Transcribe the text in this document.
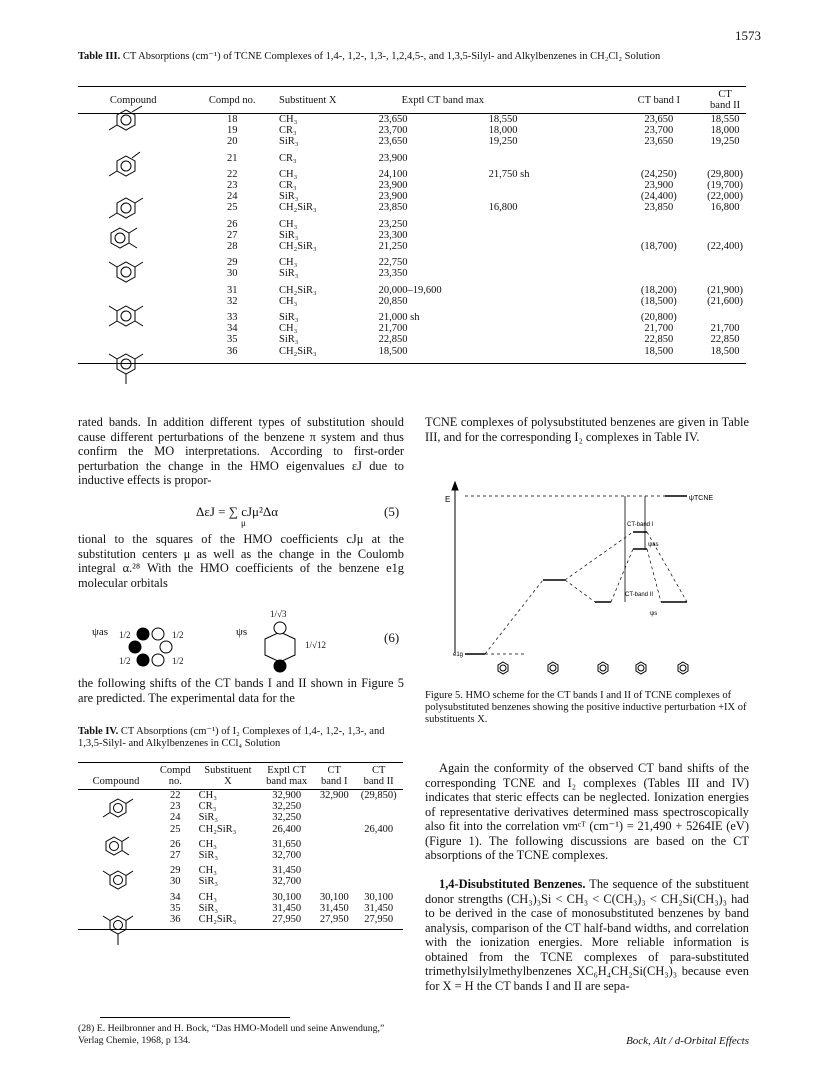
1573
Table III. CT Absorptions (cm⁻¹) of TCNE Complexes of 1,4-, 1,2-, 1,3-, 1,2,4,5-, and 1,3,5-Silyl- and Alkylbenzenes in CH₂Cl₂ Solution
Compound	Compd no.	Substituent X	Exptl CT band max	CT band I	CT band II
	18	CH₃	23,650 18,550	23,650	18,550
	19	CR₃	23,700 18,000	23,700	18,000
	20	SiR₃	23,650 19,250	23,650	19,250
	21	CR₃	23,900		
	22	CH₃	24,100 21,750 sh	(24,250)	(29,800)
	23	CR₃	23,900	23,900	(19,700)
	24	SiR₃	23,900	(24,400)	(22,000)
	25	CH₂SiR₃	23,850 16,800	23,850	16,800
	26	CH₃	23,250		
	27	SiR₃	23,300		
	28	CH₂SiR₃	21,250	(18,700)	(22,400)
	29	CH₃	22,750		
	30	SiR₃	23,350		
	31	CH₂SiR₃	20,000–19,600	(18,200)	(21,900)
	32	CH₃	20,850	(18,500)	(21,600)
	33	SiR₃	21,000 sh	(20,800)	
	34	CH₃	21,700	21,700	21,700
	35	SiR₃	22,850	22,850	22,850
	36	CH₂SiR₃	18,500	18,500	18,500
rated bands. In addition different types of substitution should cause different perturbations of the benzene π system and thus confirm the MO interpretations. According to first-order perturbation the change in the HMO eigenvalues εJ due to inductive effects is propor-
ΔεJ = ∑ cJμ²Δα
μ
(5)
tional to the squares of the HMO coefficients cJμ at the substitution centers μ as well as the change in the Coulomb integral α.²⁸ With the HMO coefficients of the benzene e1g molecular orbitals
ψas 1/2	1/2
1/2	1/2
ψs
1/√3
1/√12	(6)
the following shifts of the CT bands I and II shown in Figure 5 are predicted. The experimental data for the
Table IV. CT Absorptions (cm⁻¹) of I₂ Complexes of 1,4-, 1,2-, 1,3-, and 1,3,5-Silyl- and Alkylbenzenes in CCl₄ Solution
	Compd	Substituent	Exptl CT	CT	CT
Compound	no.	X	band max	band I	band II
	22	CH₃	32,900	32,900	(29,850)
	23	CR₃	32,250		
	24	SiR₃	32,250		
	25	CH₂SiR₃	26,400		26,400
	26	CH₃	31,650		
	27	SiR₃	32,700		
	29	CH₃	31,450		
	30	SiR₃	32,700		
	34	CH₃	30,100	30,100	30,100
	35	SiR₃	31,450	31,450	31,450
	36	CH₂SiR₃	27,950	27,950	27,950
(28) E. Heilbronner and H. Bock, “Das HMO-Modell und seine Anwendung,” Verlag Chemie, 1968, p 134.
TCNE complexes of polysubstituted benzenes are given in Table III, and for the corresponding I₂ complexes in Table IV.
E	ψTCNE
CT-band I
CT-band II
ψas
ψs
e1g
Figure 5. HMO scheme for the CT bands I and II of TCNE complexes of polysubstituted benzenes showing the positive inductive perturbation +IX of substituents X.
Again the conformity of the observed CT band shifts of the corresponding TCNE and I₂ complexes (Tables III and IV) indicates that steric effects can be neglected. Ionization energies of representative derivatives determined mass spectroscopically also fit into the correlation νmᶜᵀ (cm⁻¹) = 21,490 + 5264IE (eV) (Figure 1). The following discussions are based on the CT absorptions of the TCNE complexes.
1,4-Disubstituted Benzenes. The sequence of the substituent donor strengths (CH₃)₃Si < CH₃ < C(CH₃)₃ < CH₂Si(CH₃)₃ had to be derived in the case of monosubstituted benzenes by band analysis, comparison of the CT half-band widths, and correlation with the ionization energies. More reliable information is obtained from the TCNE complexes of para-substituted trimethylsilylmethylbenzenes XC₆H₄CH₂Si(CH₃)₃ because even for X = H the CT bands I and II are sepa-
Bock, Alt / d-Orbital Effects
